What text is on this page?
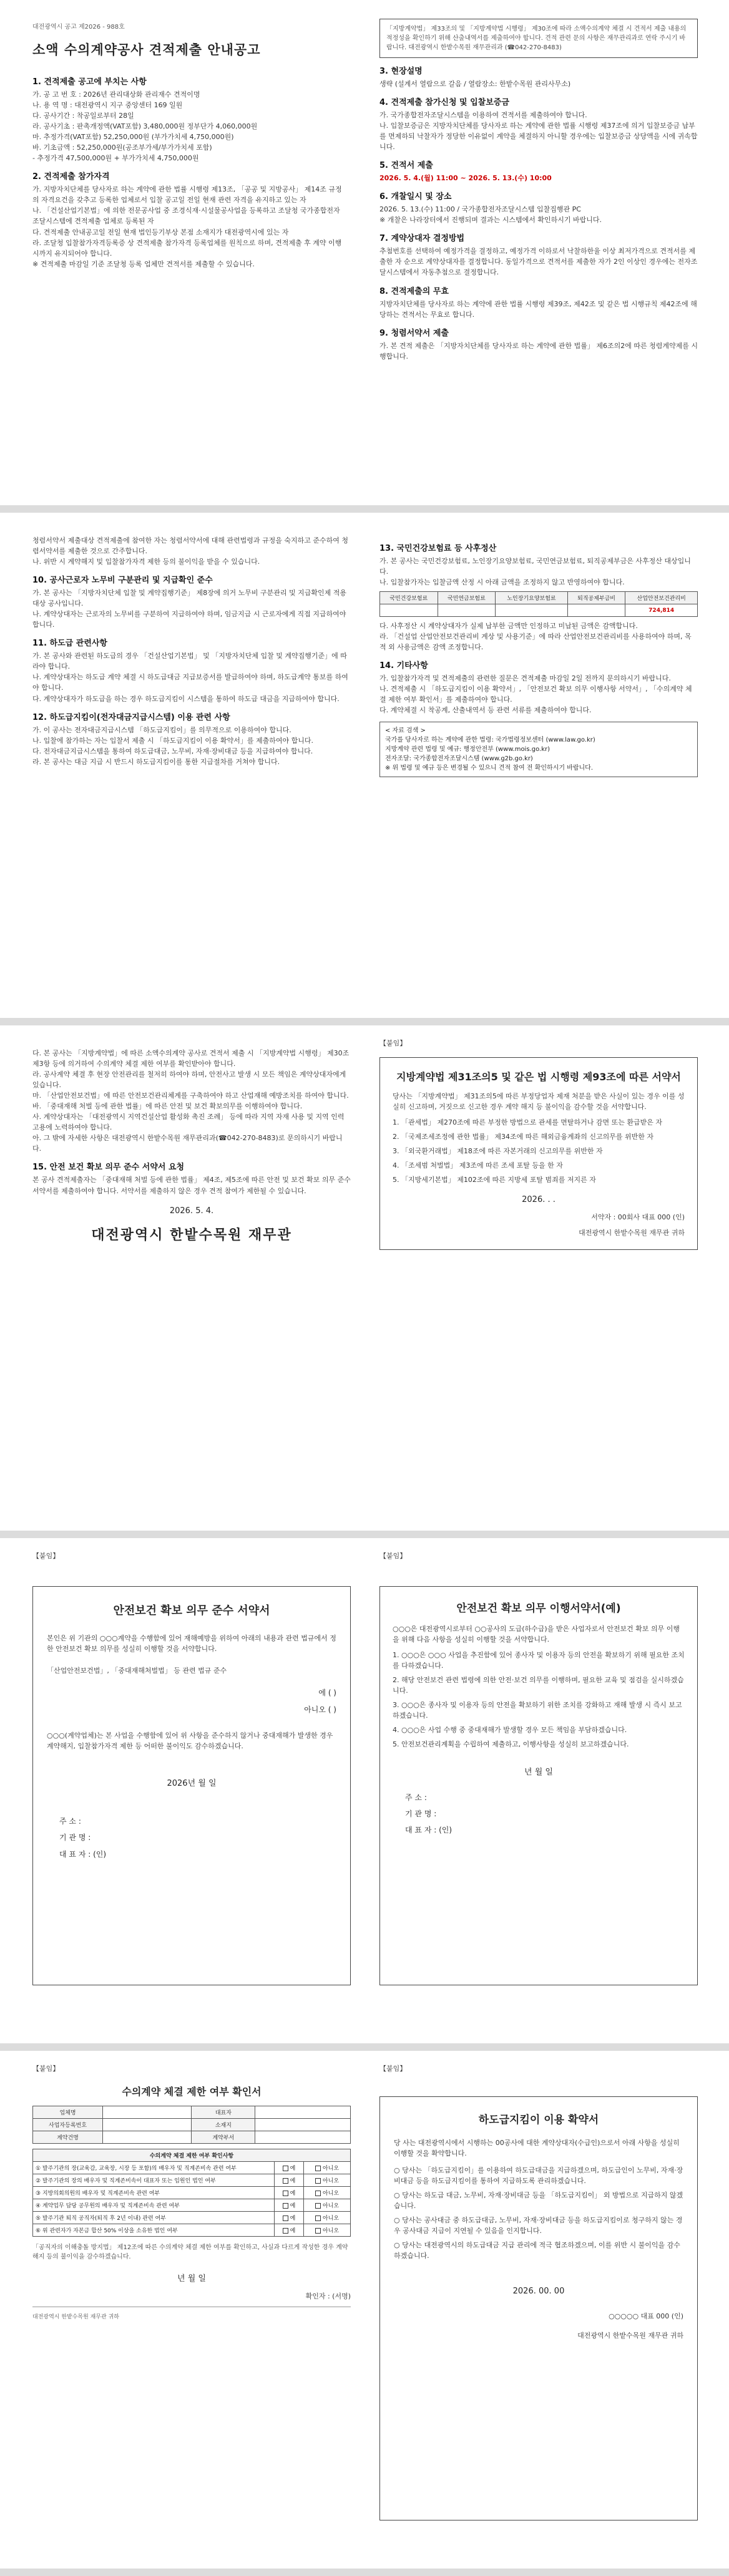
대전광역시 공고 제2026 - 988호
소액 수의계약공사 견적제출 안내공고
1. 견적제출 공고에 부치는 사항
가. 공 고 번 호 : 2026년 관리대상화 관리재수 견적이명
나. 용 역 명 : 대전광역시 지구 중앙센터 169 일원
다. 공사기간 : 착공일로부터 28일
라. 공사기초 : 판촉개정액(VAT포함) 3,480,000원 정부단가 4,060,000원
마. 추정가격(VAT포함) 52,250,000원 (부가가치세 4,750,000원)
바. 기초금액 : 52,250,000원(공조부가세/부가가치세 포함)
- 추정가격 47,500,000원 + 부가가치세 4,750,000원
2. 견적제출 참가자격
가. 지방자치단체를 당사자로 하는 계약에 관한 법률 시행령 제13조, 「공공 및 지방공사」 제14조 규정의 자격요건을 갖추고 등록한 업체로서 입찰 공고일 전일 현재 관련 자격을 유지하고 있는 자
나. 「건설산업기본법」에 의한 전문공사업 중 조경식재·시설물공사업을 등록하고 조달청 국가종합전자조달시스템에 견적제출 업체로 등록된 자
다. 견적제출 안내공고일 전일 현재 법인등기부상 본점 소재지가 대전광역시에 있는 자
라. 조달청 입찰참가자격등록증 상 견적제출 참가자격 등록업체를 원칙으로 하며, 견적제출 후 계약 이행 시까지 유지되어야 합니다.
※ 견적제출 마감일 기준 조달청 등록 업체만 견적서를 제출할 수 있습니다.
「지방계약법」 제33조의 및 「지방계약법 시행령」 제30조에 따라 소액수의계약 체결 시 견적서 제출 내용의 적정성을 확인하기 위해 산출내역서를 제출하여야 합니다. 견적 관련 문의 사항은 재무관리과로 연락 주시기 바랍니다. 대전광역시 한밭수목원 재무관리과 (☎042-270-8483)
3. 현장설명
생략 (설계서 열람으로 갈음 / 열람장소: 한밭수목원 관리사무소)
4. 견적제출 참가신청 및 입찰보증금
가. 국가종합전자조달시스템을 이용하여 견적서를 제출하여야 합니다.
나. 입찰보증금은 지방자치단체를 당사자로 하는 계약에 관한 법률 시행령 제37조에 의거 입찰보증금 납부를 면제하되 낙찰자가 정당한 이유없이 계약을 체결하지 아니할 경우에는 입찰보증금 상당액을 시에 귀속합니다.
5. 견적서 제출
2026. 5. 4.(월) 11:00 ~ 2026. 5. 13.(수) 10:00
6. 개찰일시 및 장소
2026. 5. 13.(수) 11:00 / 국가종합전자조달시스템 입찰집행관 PC
※ 개찰은 나라장터에서 진행되며 결과는 시스템에서 확인하시기 바랍니다.
7. 계약상대자 결정방법
추첨번호를 선택하여 예정가격을 결정하고, 예정가격 이하로서 낙찰하한율 이상 최저가격으로 견적서를 제출한 자 순으로 계약상대자를 결정합니다. 동일가격으로 견적서를 제출한 자가 2인 이상인 경우에는 전자조달시스템에서 자동추첨으로 결정합니다.
8. 견적제출의 무효
지방자치단체를 당사자로 하는 계약에 관한 법률 시행령 제39조, 제42조 및 같은 법 시행규칙 제42조에 해당하는 견적서는 무효로 합니다.
9. 청렴서약서 제출
가. 본 견적 제출은 「지방자치단체를 당사자로 하는 계약에 관한 법률」 제6조의2에 따른 청렴계약제를 시행합니다.
청렴서약서 제출대상 견적제출에 참여한 자는 청렴서약서에 대해 관련법령과 규정을 숙지하고 준수하여 청렴서약서를 제출한 것으로 간주합니다.
나. 위반 시 계약해지 및 입찰참가자격 제한 등의 불이익을 받을 수 있습니다.
10. 공사근로자 노무비 구분관리 및 지급확인 준수
가. 본 공사는 「지방자치단체 입찰 및 계약집행기준」 제8장에 의거 노무비 구분관리 및 지급확인제 적용대상 공사입니다.
나. 계약상대자는 근로자의 노무비를 구분하여 지급하여야 하며, 임금지급 시 근로자에게 직접 지급하여야 합니다.
11. 하도급 관련사항
가. 본 공사와 관련된 하도급의 경우 「건설산업기본법」 및 「지방자치단체 입찰 및 계약집행기준」에 따라야 합니다.
나. 계약상대자는 하도급 계약 체결 시 하도급대금 지급보증서를 발급하여야 하며, 하도급계약 통보를 하여야 합니다.
다. 계약상대자가 하도급을 하는 경우 하도급지킴이 시스템을 통하여 하도급 대금을 지급하여야 합니다.
12. 하도급지킴이(전자대금지급시스템) 이용 관련 사항
가. 이 공사는 전자대금지급시스템 「하도급지킴이」를 의무적으로 이용하여야 합니다.
나. 입찰에 참가하는 자는 입찰서 제출 시 「하도급지킴이 이용 확약서」를 제출하여야 합니다.
다. 전자대금지급시스템을 통하여 하도급대금, 노무비, 자재·장비대금 등을 지급하여야 합니다.
라. 본 공사는 대금 지급 시 반드시 하도급지킴이를 통한 지급절차를 거쳐야 합니다.
13. 국민건강보험료 등 사후정산
가. 본 공사는 국민건강보험료, 노인장기요양보험료, 국민연금보험료, 퇴직공제부금은 사후정산 대상입니다.
나. 입찰참가자는 입찰금액 산정 시 아래 금액을 조정하지 않고 반영하여야 합니다.
국민건강보험료	국민연금보험료	노인장기요양보험료	퇴직공제부금비	산업안전보건관리비
				724,814
다. 사후정산 시 계약상대자가 실제 납부한 금액만 인정하고 미납된 금액은 감액합니다.
라. 「건설업 산업안전보건관리비 계상 및 사용기준」에 따라 산업안전보건관리비를 사용하여야 하며, 목적 외 사용금액은 감액 조정합니다.
14. 기타사항
가. 입찰참가자격 및 견적제출의 관련한 질문은 견적제출 마감일 2일 전까지 문의하시기 바랍니다.
나. 견적제출 시 「하도급지킴이 이용 확약서」, 「안전보건 확보 의무 이행사항 서약서」, 「수의계약 체결 제한 여부 확인서」를 제출하여야 합니다.
다. 계약체결 시 착공계, 산출내역서 등 관련 서류를 제출하여야 합니다.
< 자료 검색 >
국가를 당사자로 하는 계약에 관한 법령: 국가법령정보센터 (www.law.go.kr)
지방계약 관련 법령 및 예규: 행정안전부 (www.mois.go.kr)
전자조달: 국가종합전자조달시스템 (www.g2b.go.kr)
※ 위 법령 및 예규 등은 변경될 수 있으니 견적 참여 전 확인하시기 바랍니다.
다. 본 공사는 「지방계약법」에 따른 소액수의계약 공사로 견적서 제출 시 「지방계약법 시행령」 제30조 제3항 등에 의거하여 수의계약 체결 제한 여부를 확인받아야 합니다.
라. 공사계약 체결 후 현장 안전관리를 철저히 하여야 하며, 안전사고 발생 시 모든 책임은 계약상대자에게 있습니다.
마. 「산업안전보건법」에 따른 안전보건관리체계를 구축하여야 하고 산업재해 예방조치를 하여야 합니다.
바. 「중대재해 처벌 등에 관한 법률」에 따른 안전 및 보건 확보의무를 이행하여야 합니다.
사. 계약상대자는 「대전광역시 지역건설산업 활성화 촉진 조례」 등에 따라 지역 자재 사용 및 지역 인력 고용에 노력하여야 합니다.
아. 그 밖에 자세한 사항은 대전광역시 한밭수목원 재무관리과(☎042-270-8483)로 문의하시기 바랍니다.
15. 안전 보건 확보 의무 준수 서약서 요청
본 공사 견적제출자는 「중대재해 처벌 등에 관한 법률」 제4조, 제5조에 따른 안전 및 보건 확보 의무 준수 서약서를 제출하여야 합니다. 서약서를 제출하지 않은 경우 견적 참여가 제한될 수 있습니다.
2026. 5. 4.
대전광역시 한밭수목원 재무관
【붙임】
지방계약법 제31조의5 및 같은 법 시행령 제93조에 따른 서약서
당사는 「지방계약법」 제31조의5에 따른 부정당업자 제재 처분을 받은 사실이 있는 경우 이를 성실히 신고하며, 거짓으로 신고한 경우 계약 해지 등 불이익을 감수할 것을 서약합니다.
1. 「관세법」 제270조에 따른 부정한 방법으로 관세를 면탈하거나 감면 또는 환급받은 자
2. 「국제조세조정에 관한 법률」 제34조에 따른 해외금융계좌의 신고의무를 위반한 자
3. 「외국환거래법」 제18조에 따른 자본거래의 신고의무를 위반한 자
4. 「조세범 처벌법」 제3조에 따른 조세 포탈 등을 한 자
5. 「지방세기본법」 제102조에 따른 지방세 포탈 범죄를 저지른 자
2026. . .
서약자 : 00회사 대표 000 (인)
대전광역시 한밭수목원 재무관 귀하
【붙임】
안전보건 확보 의무 준수 서약서
본인은 위 기관의 ○○○계약을 수행함에 있어 재해예방을 위하여 아래의 내용과 관련 법규에서 정한 안전보건 확보 의무를 성실히 이행할 것을 서약합니다.
「산업안전보건법」, 「중대재해처벌법」 등 관련 법규 준수
에 ( )
아니오 ( )
○○○(계약업체)는 본 사업을 수행함에 있어 위 사항을 준수하지 않거나 중대재해가 발생한 경우 계약해지, 입찰참가자격 제한 등 어떠한 불이익도 감수하겠습니다.
2026년 월 일
주 소 :
기 관 명 :
대 표 자 : (인)
【붙임】
안전보건 확보 의무 이행서약서(예)
○○○은 대전광역시로부터 ○○공사의 도급(하수급)을 받은 사업자로서 안전보건 확보 의무 이행을 위해 다음 사항을 성실히 이행할 것을 서약합니다.
1. ○○○은 ○○○ 사업을 추진함에 있어 종사자 및 이용자 등의 안전을 확보하기 위해 필요한 조치를 다하겠습니다.
2. 해당 안전보건 관련 법령에 의한 안전·보건 의무를 이행하며, 필요한 교육 및 점검을 실시하겠습니다.
3. ○○○은 종사자 및 이용자 등의 안전을 확보하기 위한 조치를 강화하고 재해 발생 시 즉시 보고하겠습니다.
4. ○○○은 사업 수행 중 중대재해가 발생할 경우 모든 책임을 부담하겠습니다.
5. 안전보건관리계획을 수립하여 제출하고, 이행사항을 성실히 보고하겠습니다.
년 월 일
주 소 :
기 관 명 :
대 표 자 : (인)
【붙임】
수의계약 체결 제한 여부 확인서
업체명		대표자	
사업자등록번호		소재지	
계약건명		계약부서	
수의계약 체결 제한 여부 확인사항		
① 발주기관의 장(교육감, 교육장, 시장 등 포함)의 배우자 및 직계존비속 관련 여부	예	아니오
② 발주기관의 장의 배우자 및 직계존비속이 대표자 또는 임원인 법인 여부	예	아니오
③ 지방의회의원의 배우자 및 직계존비속 관련 여부	예	아니오
④ 계약업무 담당 공무원의 배우자 및 직계존비속 관련 여부	예	아니오
⑤ 발주기관 퇴직 공직자(퇴직 후 2년 이내) 관련 여부	예	아니오
⑥ 위 관련자가 자본금 합산 50% 이상을 소유한 법인 여부	예	아니오
「공직자의 이해충돌 방지법」 제12조에 따른 수의계약 체결 제한 여부를 확인하고, 사실과 다르게 작성한 경우 계약해지 등의 불이익을 감수하겠습니다.
년 월 일
확인자 : (서명)
대전광역시 한밭수목원 재무관 귀하
【붙임】
하도급지킴이 이용 확약서
당 사는 대전광역시에서 시행하는 00공사에 대한 계약상대자(수급인)으로서 아래 사항을 성실히 이행할 것을 확약합니다.
○ 당사는 「하도급지킴이」를 이용하여 하도급대금을 지급하겠으며, 하도급인이 노무비, 자재·장비대금 등을 하도급지킴이를 통하여 지급하도록 관리하겠습니다.
○ 당사는 하도급 대금, 노무비, 자재·장비대금 등을 「하도급지킴이」 외 방법으로 지급하지 않겠습니다.
○ 당사는 공사대금 중 하도급대금, 노무비, 자재·장비대금 등을 하도급지킴이로 청구하지 않는 경우 공사대금 지급이 지연될 수 있음을 인지합니다.
○ 당사는 대전광역시의 하도급대금 지급 관리에 적극 협조하겠으며, 이를 위반 시 불이익을 감수하겠습니다.
2026. 00. 00
○○○○○ 대표 000 (인)
대전광역시 한밭수목원 재무관 귀하
